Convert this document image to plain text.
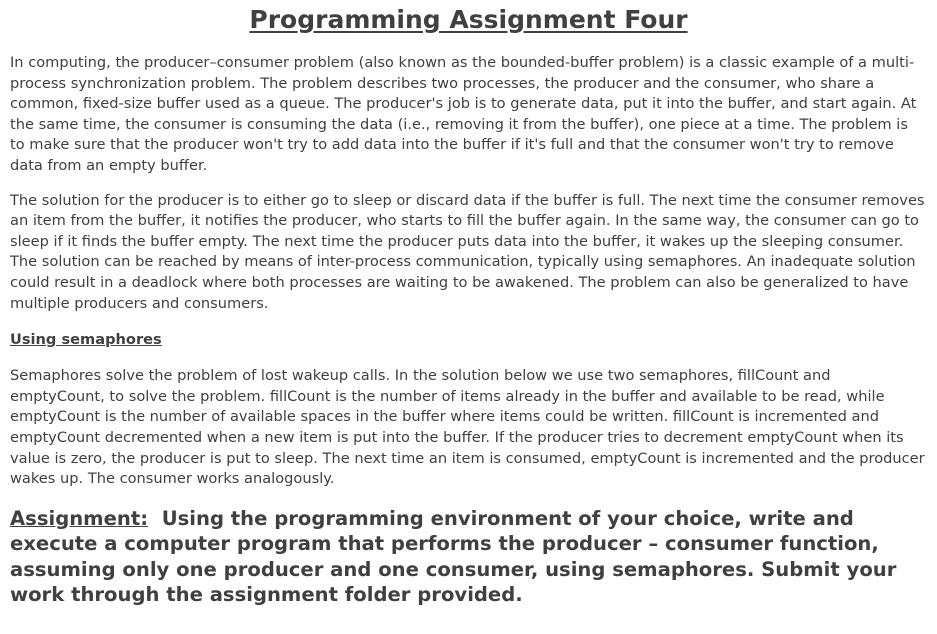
Programming Assignment Four

In computing, the producer–consumer problem (also known as the bounded-buffer problem) is a classic example of a multi-process synchronization problem. The problem describes two processes, the producer and the consumer, who share a common, fixed-size buffer used as a queue. The producer's job is to generate data, put it into the buffer, and start again. At the same time, the consumer is consuming the data (i.e., removing it from the buffer), one piece at a time. The problem is to make sure that the producer won't try to add data into the buffer if it's full and that the consumer won't try to remove data from an empty buffer.

The solution for the producer is to either go to sleep or discard data if the buffer is full. The next time the consumer removes an item from the buffer, it notifies the producer, who starts to fill the buffer again. In the same way, the consumer can go to sleep if it finds the buffer empty. The next time the producer puts data into the buffer, it wakes up the sleeping consumer. The solution can be reached by means of inter-process communication, typically using semaphores. An inadequate solution could result in a deadlock where both processes are waiting to be awakened. The problem can also be generalized to have multiple producers and consumers.

Using semaphores

Semaphores solve the problem of lost wakeup calls. In the solution below we use two semaphores, fillCount and emptyCount, to solve the problem. fillCount is the number of items already in the buffer and available to be read, while emptyCount is the number of available spaces in the buffer where items could be written. fillCount is incremented and emptyCount decremented when a new item is put into the buffer. If the producer tries to decrement emptyCount when its value is zero, the producer is put to sleep. The next time an item is consumed, emptyCount is incremented and the producer wakes up. The consumer works analogously.

Assignment: Using the programming environment of your choice, write and execute a computer program that performs the producer – consumer function, assuming only one producer and one consumer, using semaphores. Submit your work through the assignment folder provided.
